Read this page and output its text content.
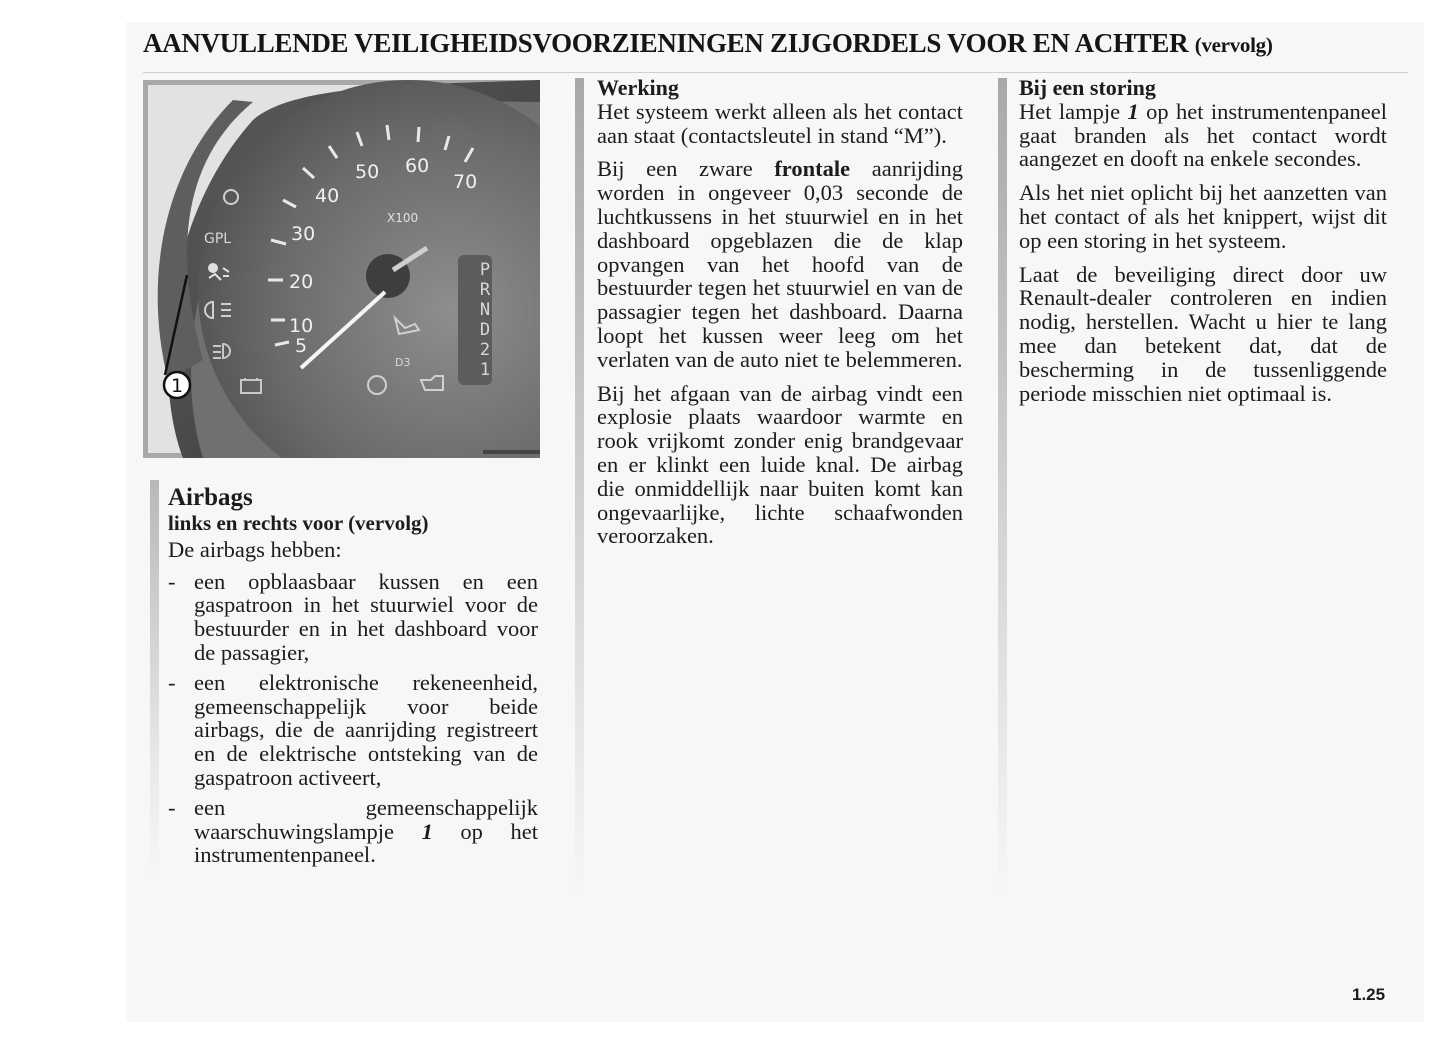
AANVULLENDE VEILIGHEIDSVOORZIENINGEN ZIJGORDELS VOOR EN ACHTER (vervolg)
5
10
20
30
40
50 60
70
X100
GPL
P
R
N
D
2
1
D3
1
Airbags
links en rechts voor (vervolg)
De airbags hebben:
- een opblaasbaar kussen en een gaspatroon in het stuurwiel voor de bestuurder en in het dashboard voor de passagier,
- een elektronische rekeneenheid, gemeenschappelijk voor beide airbags, die de aanrijding registreert en de elektrische ontsteking van de gaspatroon activeert,
- een gemeenschappelijk waarschuwingslampje 1 op het instrumentenpaneel.
Werking

Het systeem werkt alleen als het contact aan staat (contactsleutel in stand “M”).

Bij een zware frontale aanrijding worden in ongeveer 0,03 seconde de luchtkussens in het stuurwiel en in het dashboard opgeblazen die de klap opvangen van het hoofd van de bestuurder tegen het stuurwiel en van de passagier tegen het dashboard. Daarna loopt het kussen weer leeg om het verlaten van de auto niet te belemmeren.

Bij het afgaan van de airbag vindt een explosie plaats waardoor warmte en rook vrijkomt zonder enig brandgevaar en er klinkt een luide knal. De airbag die onmiddellijk naar buiten komt kan ongevaarlijke, lichte schaafwonden veroorzaken.

Bij een storing

Het lampje 1 op het instrumentenpaneel gaat branden als het contact wordt aangezet en dooft na enkele secondes.

Als het niet oplicht bij het aanzetten van het contact of als het knippert, wijst dit op een storing in het systeem.

Laat de beveiliging direct door uw Renault-dealer controleren en indien nodig, herstellen. Wacht u hier te lang mee dan betekent dat, dat de bescherming in de tussenliggende periode misschien niet optimaal is.

1.25
